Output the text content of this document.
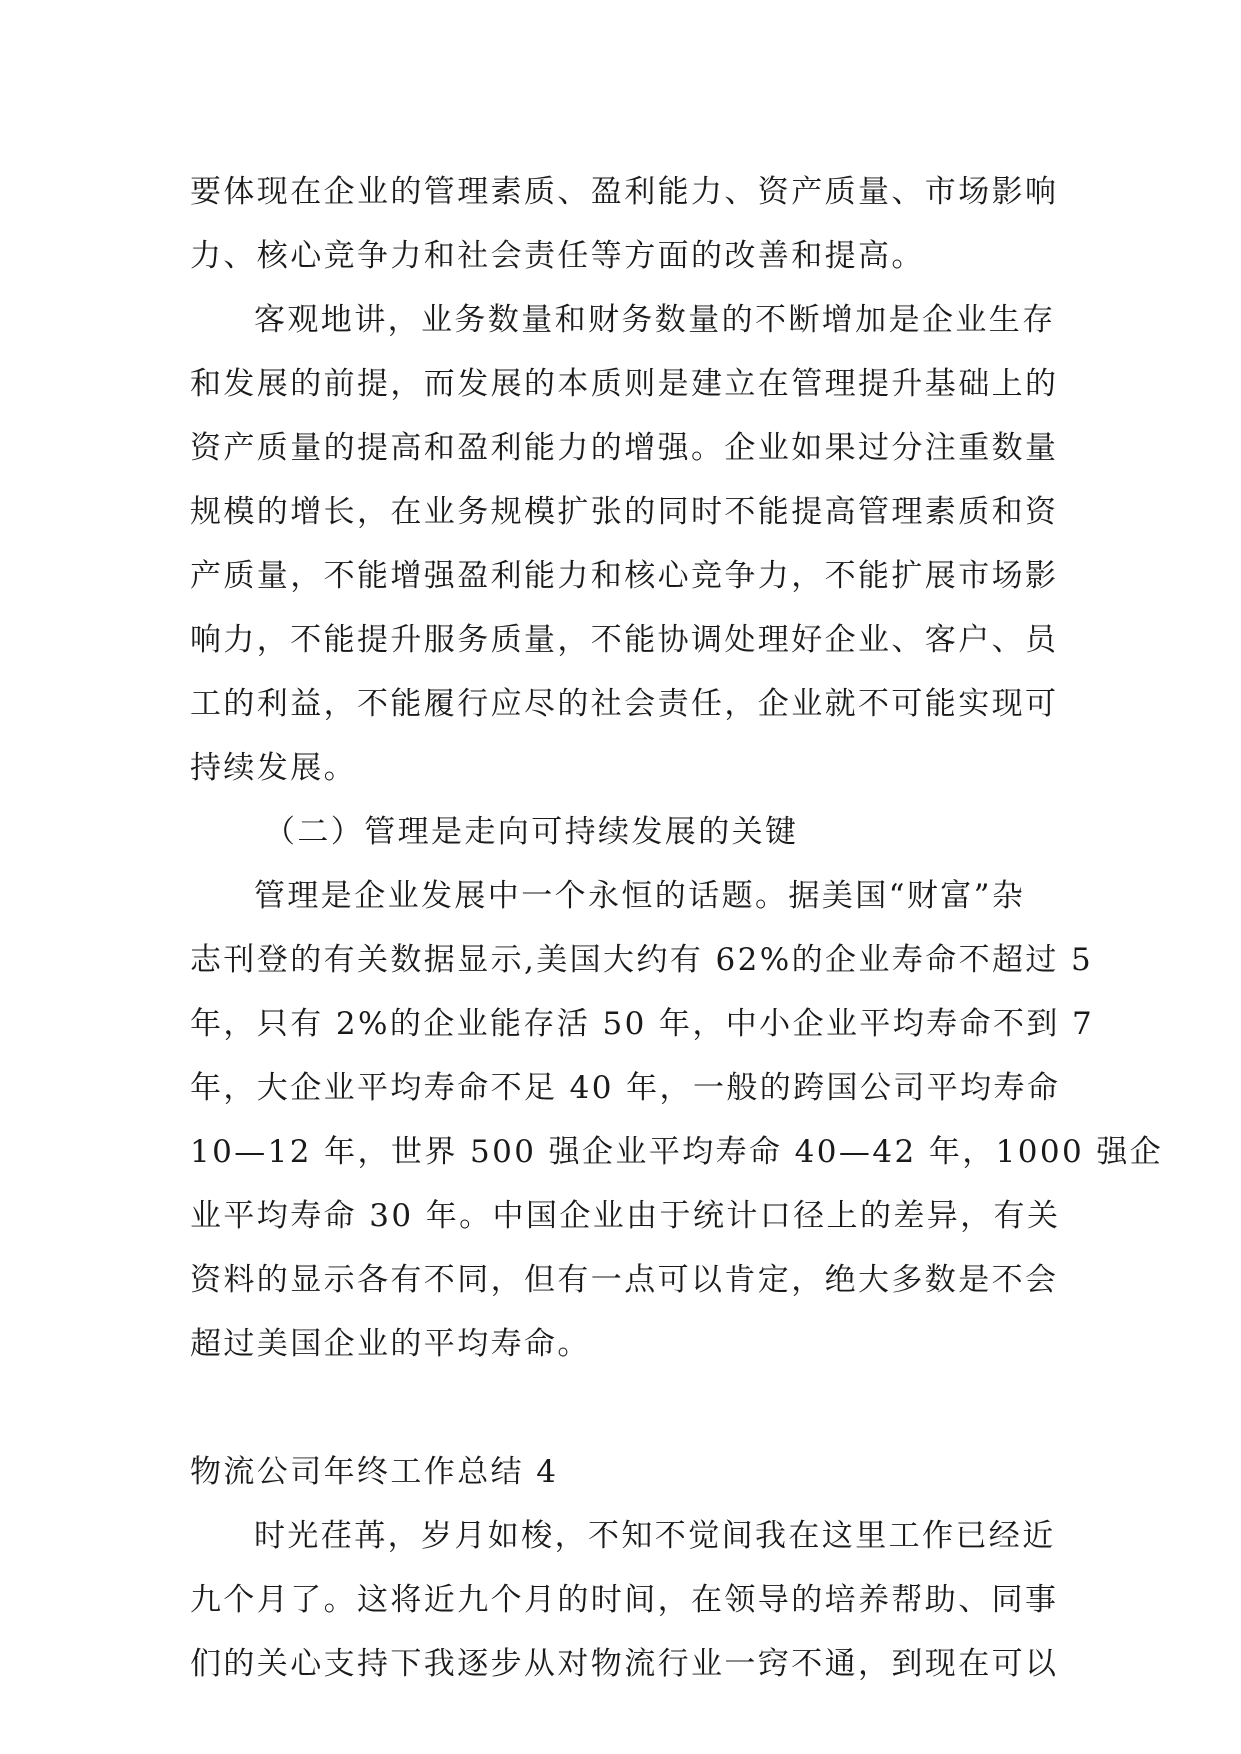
要体现在企业的管理素质、盈利能力、资产质量、市场影响
力、核心竞争力和社会责任等方面的改善和提高。
客观地讲，业务数量和财务数量的不断增加是企业生存
和发展的前提，而发展的本质则是建立在管理提升基础上的
资产质量的提高和盈利能力的增强。企业如果过分注重数量
规模的增长，在业务规模扩张的同时不能提高管理素质和资
产质量，不能增强盈利能力和核心竞争力，不能扩展市场影
响力，不能提升服务质量，不能协调处理好企业、客户、员
工的利益，不能履行应尽的社会责任，企业就不可能实现可
持续发展。
（二）管理是走向可持续发展的关键
管理是企业发展中一个永恒的话题。据美国“财富”杂
志刊登的有关数据显示,美国大约有 62%的企业寿命不超过 5
年，只有 2%的企业能存活 50 年，中小企业平均寿命不到 7
年，大企业平均寿命不足 40 年，一般的跨国公司平均寿命
10—12 年，世界 500 强企业平均寿命 40—42 年，1000 强企
业平均寿命 30 年。中国企业由于统计口径上的差异，有关
资料的显示各有不同，但有一点可以肯定，绝大多数是不会
超过美国企业的平均寿命。
物流公司年终工作总结 4
时光荏苒，岁月如梭，不知不觉间我在这里工作已经近
九个月了。这将近九个月的时间，在领导的培养帮助、同事
们的关心支持下我逐步从对物流行业一窍不通，到现在可以
